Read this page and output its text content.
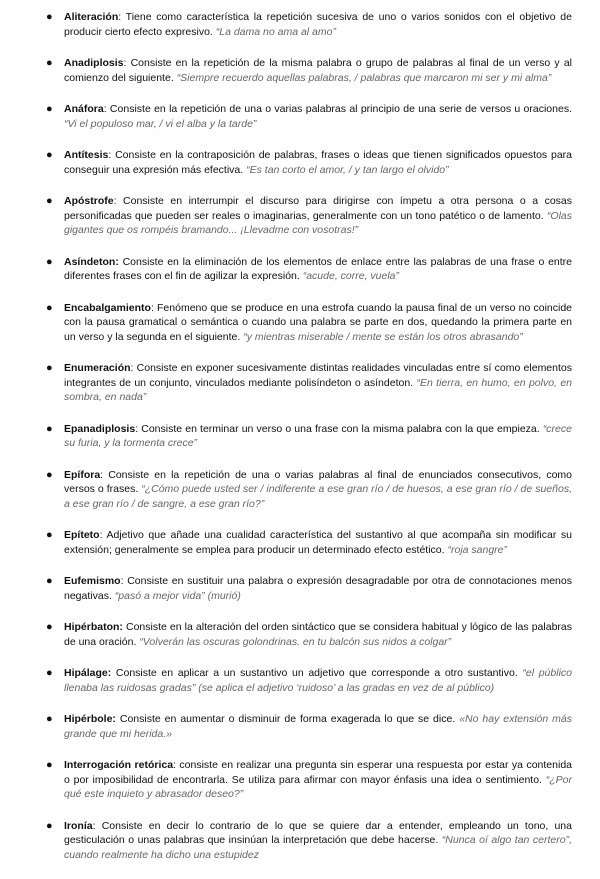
● Aliteración: Tiene como característica la repetición sucesiva de uno o varios sonidos con el objetivo de producir cierto efecto expresivo. “La dama no ama al amo”
● Anadiplosis: Consiste en la repetición de la misma palabra o grupo de palabras al final de un verso y al comienzo del siguiente. “Siempre recuerdo aquellas palabras, / palabras que marcaron mi ser y mi alma”
● Anáfora: Consiste en la repetición de una o varias palabras al principio de una serie de versos u oraciones. “Vi el populoso mar, / vi el alba y la tarde”
● Antítesis: Consiste en la contraposición de palabras, frases o ideas que tienen significados opuestos para conseguir una expresión más efectiva. “Es tan corto el amor, / y tan largo el olvido”
● Apóstrofe: Consiste en interrumpir el discurso para dirigirse con ímpetu a otra persona o a cosas personificadas que pueden ser reales o imaginarias, generalmente con un tono patético o de lamento. “Olas gigantes que os rompéis bramando... ¡Llevadme con vosotras!”
● Asíndeton: Consiste en la eliminación de los elementos de enlace entre las palabras de una frase o entre diferentes frases con el fin de agilizar la expresión. “acude, corre, vuela”
● Encabalgamiento: Fenómeno que se produce en una estrofa cuando la pausa final de un verso no coincide con la pausa gramatical o semántica o cuando una palabra se parte en dos, quedando la primera parte en un verso y la segunda en el siguiente. “y mientras miserable / mente se están los otros abrasando”
● Enumeración: Consiste en exponer sucesivamente distintas realidades vinculadas entre sí como elementos integrantes de un conjunto, vinculados mediante polisíndeton o asíndeton. “En tierra, en humo, en polvo, en sombra, en nada”
● Epanadiplosis: Consiste en terminar un verso o una frase con la misma palabra con la que empieza. “crece su furia, y la tormenta crece”
● Epífora: Consiste en la repetición de una o varias palabras al final de enunciados consecutivos, como versos o frases. “¿Cómo puede usted ser / indiferente a ese gran río / de huesos, a ese gran río / de sueños, a ese gran río / de sangre, a ese gran río?”
● Epíteto: Adjetivo que añade una cualidad característica del sustantivo al que acompaña sin modificar su extensión; generalmente se emplea para producir un determinado efecto estético. “roja sangre”
● Eufemismo: Consiste en sustituir una palabra o expresión desagradable por otra de connotaciones menos negativas. “pasó a mejor vida” (murió)
● Hipérbaton: Consiste en la alteración del orden sintáctico que se considera habitual y lógico de las palabras de una oración. “Volverán las oscuras golondrinas. en tu balcón sus nidos a colgar”
● Hipálage: Consiste en aplicar a un sustantivo un adjetivo que corresponde a otro sustantivo. “el público llenaba las ruidosas gradas” (se aplica el adjetivo ‘ruidoso’ a las gradas en vez de al público)
● Hipérbole: Consiste en aumentar o disminuir de forma exagerada lo que se dice. «No hay extensión más grande que mi herida.»
● Interrogación retórica: consiste en realizar una pregunta sin esperar una respuesta por estar ya contenida o por imposibilidad de encontrarla. Se utiliza para afirmar con mayor énfasis una idea o sentimiento. “¿Por qué este inquieto y abrasador deseo?”
● Ironía: Consiste en decir lo contrario de lo que se quiere dar a entender, empleando un tono, una gesticulación o unas palabras que insinúan la interpretación que debe hacerse. “Nunca oí algo tan certero”, cuando realmente ha dicho una estupidez
